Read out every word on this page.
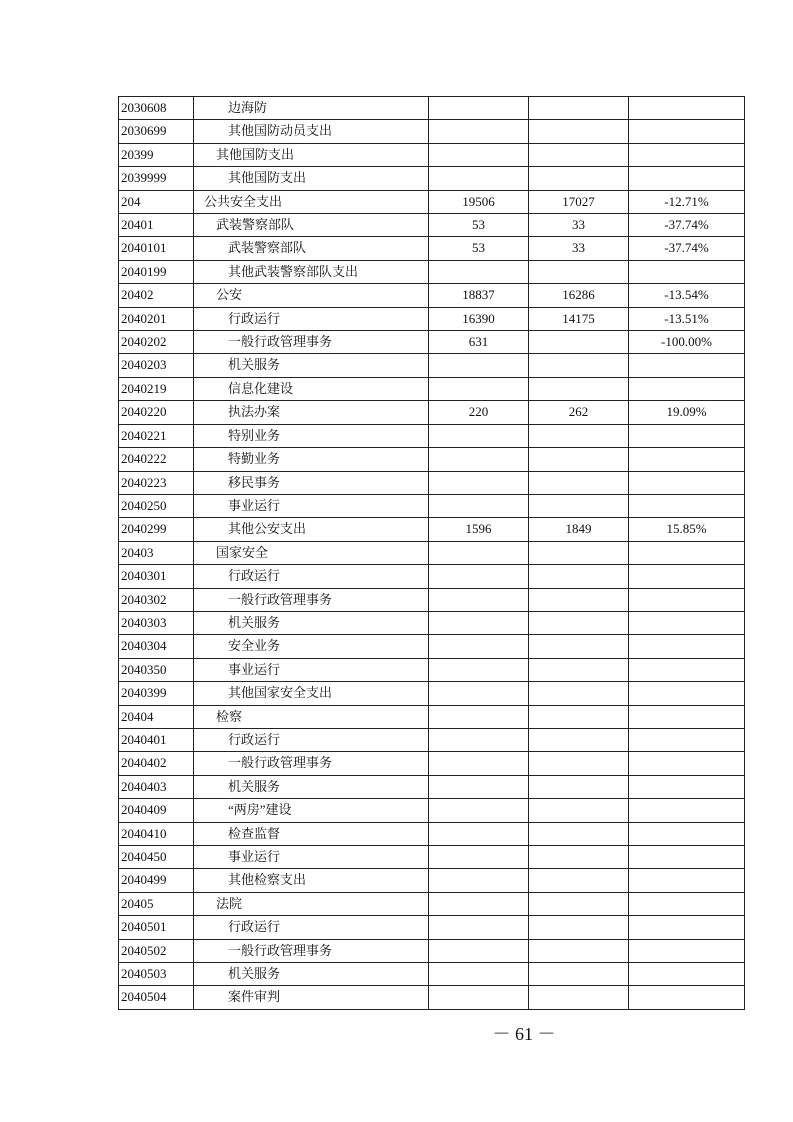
2030608	边海防			
2030699	其他国防动员支出			
20399	其他国防支出			
2039999	其他国防支出			
204	公共安全支出	19506	17027	-12.71%
20401	武装警察部队	53	33	-37.74%
2040101	武装警察部队	53	33	-37.74%
2040199	其他武装警察部队支出			
20402	公安	18837	16286	-13.54%
2040201	行政运行	16390	14175	-13.51%
2040202	一般行政管理事务	631		-100.00%
2040203	机关服务			
2040219	信息化建设			
2040220	执法办案	220	262	19.09%
2040221	特别业务			
2040222	特勤业务			
2040223	移民事务			
2040250	事业运行			
2040299	其他公安支出	1596	1849	15.85%
20403	国家安全			
2040301	行政运行			
2040302	一般行政管理事务			
2040303	机关服务			
2040304	安全业务			
2040350	事业运行			
2040399	其他国家安全支出			
20404	检察			
2040401	行政运行			
2040402	一般行政管理事务			
2040403	机关服务			
2040409	“两房”建设			
2040410	检查监督			
2040450	事业运行			
2040499	其他检察支出			
20405	法院			
2040501	行政运行			
2040502	一般行政管理事务			
2040503	机关服务			
2040504	案件审判			
－ 61 －
